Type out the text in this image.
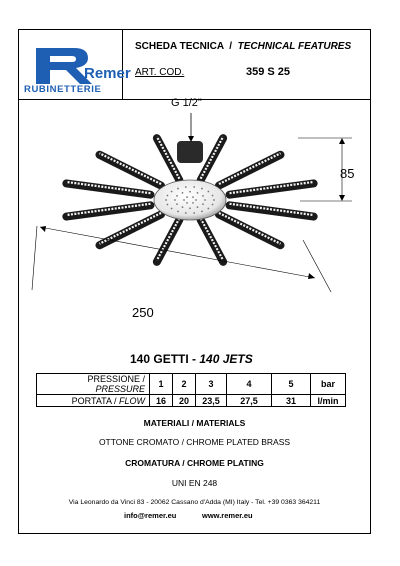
Remer
RUBINETTERIE
SCHEDA TECNICA / TECHNICAL FEATURES
ART. COD.	359 S 25
G 1/2"
85
250
140 GETTI - 140 JETS
PRESSIONE / PRESSURE	1	2	3	4	5	bar
PORTATA / FLOW	16	20	23,5	27,5	31	l/min
MATERIALI / MATERIALS
OTTONE CROMATO / CHROME PLATED BRASS
CROMATURA / CHROME PLATING
UNI EN 248
Via Leonardo da Vinci 83 - 20062 Cassano d'Adda (MI) Italy - Tel. +39 0363 364211
info@remer.eu	www.remer.eu
